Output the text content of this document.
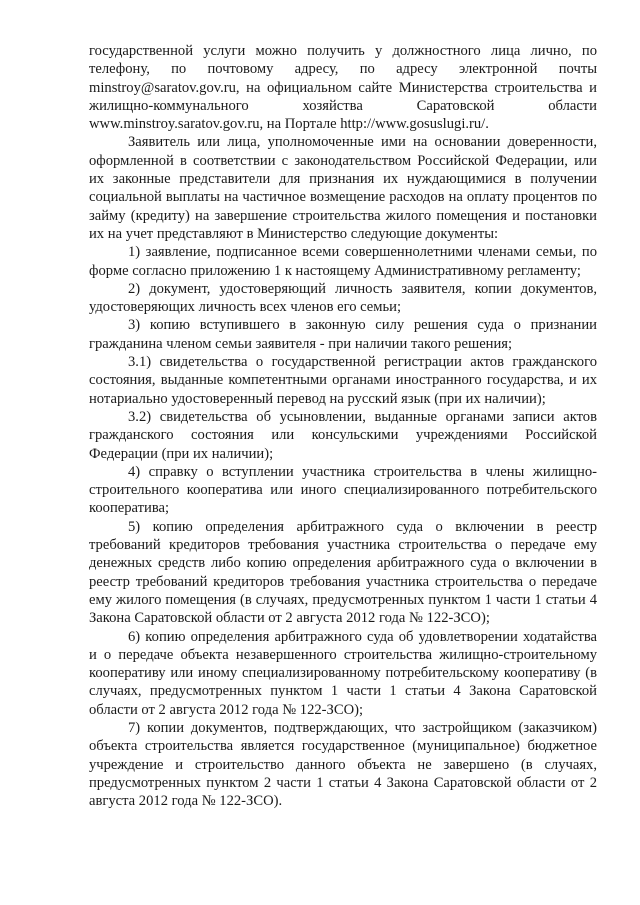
государственной услуги можно получить у должностного лица лично, по телефону, по почтовому адресу, по адресу электронной почты minstroy@saratov.gov.ru, на официальном сайте Министерства строительства и жилищно-коммунального хозяйства Саратовской области www.minstroy.saratov.gov.ru, на Портале http://www.gosuslugi.ru/.

Заявитель или лица, уполномоченные ими на основании доверенности, оформленной в соответствии с законодательством Российской Федерации, или их законные представители для признания их нуждающимися в получении социальной выплаты на частичное возмещение расходов на оплату процентов по займу (кредиту) на завершение строительства жилого помещения и постановки их на учет представляют в Министерство следующие документы:

1) заявление, подписанное всеми совершеннолетними членами семьи, по форме согласно приложению 1 к настоящему Административному регламенту;

2) документ, удостоверяющий личность заявителя, копии документов, удостоверяющих личность всех членов его семьи;

3) копию вступившего в законную силу решения суда о признании гражданина членом семьи заявителя - при наличии такого решения;

3.1) свидетельства о государственной регистрации актов гражданского состояния, выданные компетентными органами иностранного государства, и их нотариально удостоверенный перевод на русский язык (при их наличии);

3.2) свидетельства об усыновлении, выданные органами записи актов гражданского состояния или консульскими учреждениями Российской Федерации (при их наличии);

4) справку о вступлении участника строительства в члены жилищно-строительного кооператива или иного специализированного потребительского кооператива;

5) копию определения арбитражного суда о включении в реестр требований кредиторов требования участника строительства о передаче ему денежных средств либо копию определения арбитражного суда о включении в реестр требований кредиторов требования участника строительства о передаче ему жилого помещения (в случаях, предусмотренных пунктом 1 части 1 статьи 4 Закона Саратовской области от 2 августа 2012 года № 122-ЗСО);

6) копию определения арбитражного суда об удовлетворении ходатайства и о передаче объекта незавершенного строительства жилищно-строительному кооперативу или иному специализированному потребительскому кооперативу (в случаях, предусмотренных пунктом 1 части 1 статьи 4 Закона Саратовской области от 2 августа 2012 года № 122-ЗСО);

7) копии документов, подтверждающих, что застройщиком (заказчиком) объекта строительства является государственное (муниципальное) бюджетное учреждение и строительство данного объекта не завершено (в случаях, предусмотренных пунктом 2 части 1 статьи 4 Закона Саратовской области от 2 августа 2012 года № 122-ЗСО).
